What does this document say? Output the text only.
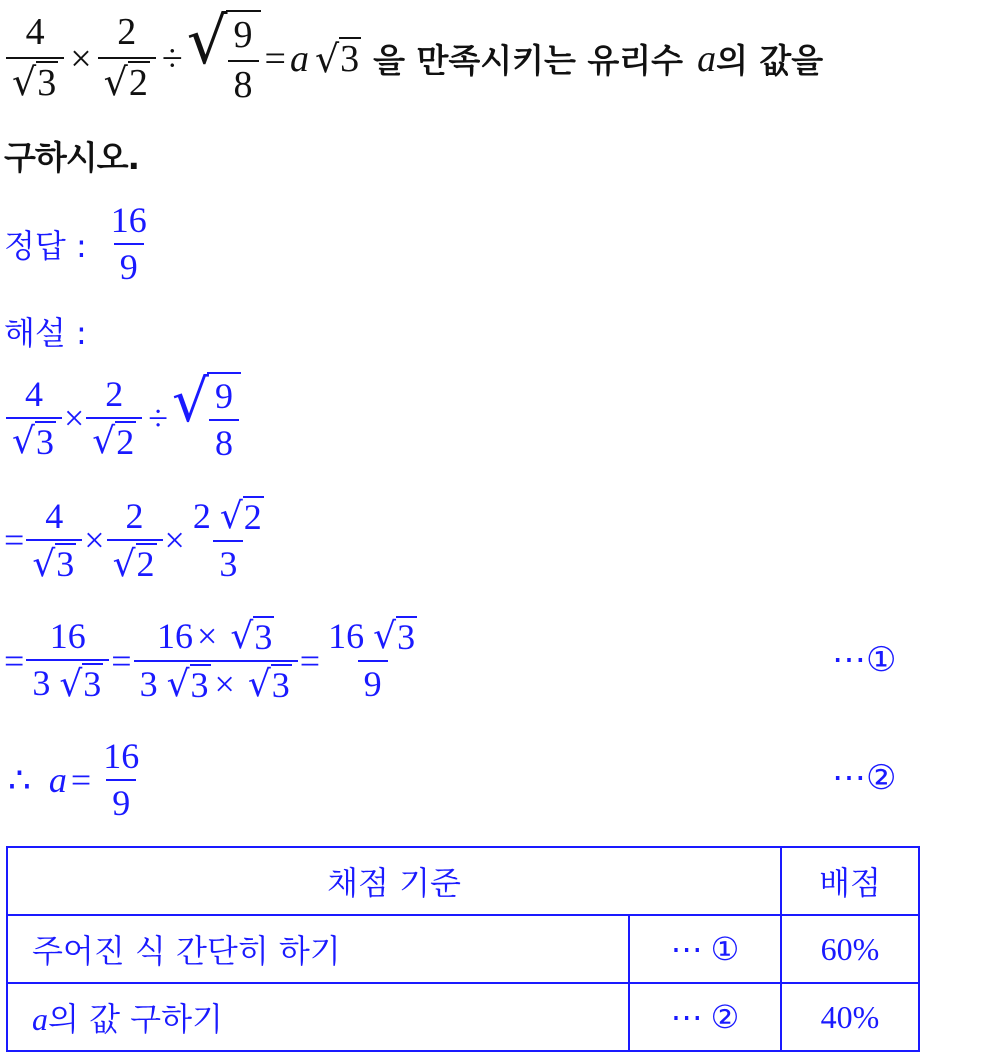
$\frac{4}{√ 3} \times \frac{2}{√ 2}$ ÷ √ $\frac{9}{8} = a$ √ 3 을 만족시키는 유리수 a 의 값을
구하시오.
정답 : $\frac{16}{9}$
해설 :
$\frac{4}{√ 3} \times \frac{2}{√ 2}$ ÷ √ $\frac{9}{8}$
= $\frac{4}{√ 3} \times \frac{2}{√ 2} \times \frac{2 √ 2}{3}$
= $\frac{16}{3 √ 3} = \frac{16 \times √ 3}{3 √ 3 \times √ 3} = \frac{16 √ 3}{9}$	⋯①
∴ $a = \frac{16}{9}$	⋯②
채점 기준		배점
주어진 식 간단히 하기	⋯ ①	60%
a의 값 구하기	⋯ ②	40%
